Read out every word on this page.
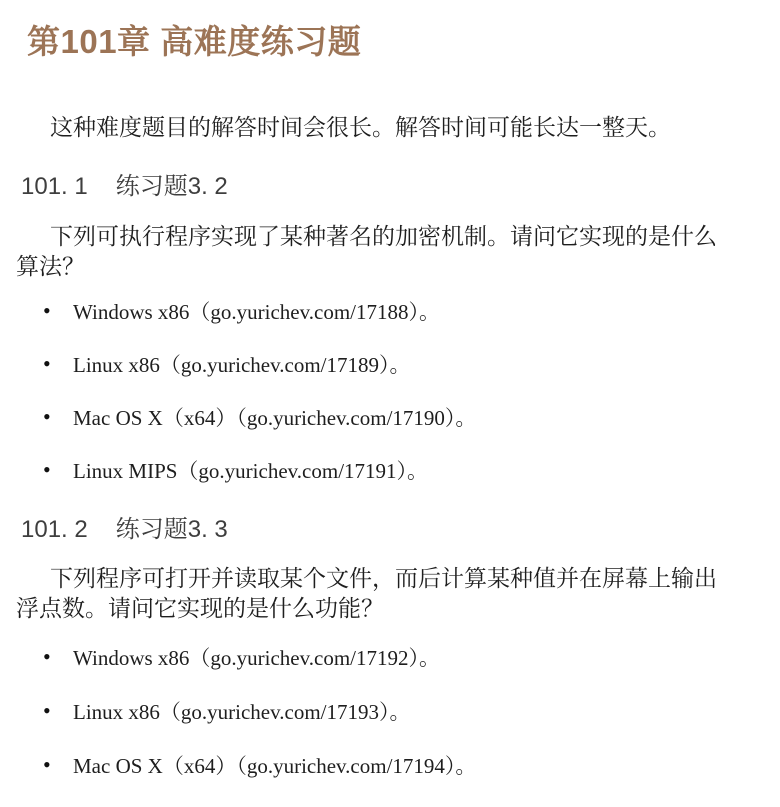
第101章 高难度练习题

这种难度题目的解答时间会很长。解答时间可能长达一整天。

101. 1 练习题3. 2

下列可执行程序实现了某种著名的加密机制。请问它实现的是什么算法？

• Windows x86（go.yurichev.com/17188）。
• Linux x86（go.yurichev.com/17189）。
• Mac OS X（x64）（go.yurichev.com/17190）。
• Linux MIPS（go.yurichev.com/17191）。
101. 2 练习题3. 3

下列程序可打开并读取某个文件，而后计算某种值并在屏幕上输出浮点数。请问它实现的是什么功能？

• Windows x86（go.yurichev.com/17192）。
• Linux x86（go.yurichev.com/17193）。
• Mac OS X（x64）（go.yurichev.com/17194）。
